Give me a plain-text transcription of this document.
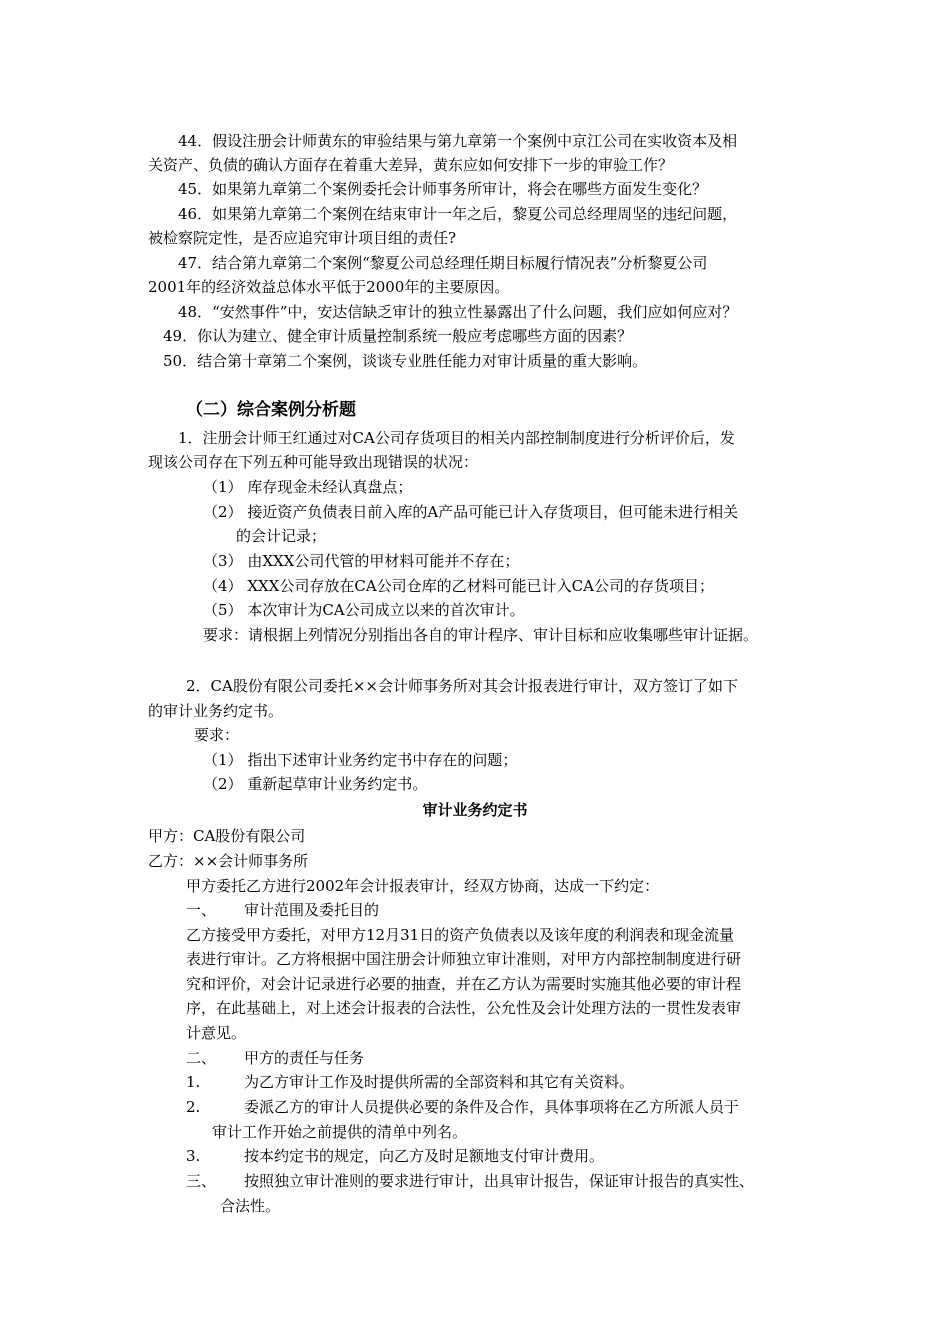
44．假设注册会计师黄东的审验结果与第九章第一个案例中京江公司在实收资本及相
关资产、负债的确认方面存在着重大差异，黄东应如何安排下一步的审验工作？
45．如果第九章第二个案例委托会计师事务所审计，将会在哪些方面发生变化？
46．如果第九章第二个案例在结束审计一年之后，黎夏公司总经理周坚的违纪问题，
被检察院定性，是否应追究审计项目组的责任?
47．结合第九章第二个案例“黎夏公司总经理任期目标履行情况表”分析黎夏公司
2001年的经济效益总体水平低于2000年的主要原因。
48．“安然事件”中，安达信缺乏审计的独立性暴露出了什么问题，我们应如何应对？
49．你认为建立、健全审计质量控制系统一般应考虑哪些方面的因素？
50．结合第十章第二个案例，谈谈专业胜任能力对审计质量的重大影响。
（二）综合案例分析题
1．注册会计师王红通过对CA公司存货项目的相关内部控制制度进行分析评价后，发
现该公司存在下列五种可能导致出现错误的状况：
（1） 库存现金未经认真盘点；
（2） 接近资产负债表日前入库的A产品可能已计入存货项目，但可能未进行相关
的会计记录；
（3） 由XXX公司代管的甲材料可能并不存在；
（4） XXX公司存放在CA公司仓库的乙材料可能已计入CA公司的存货项目；
（5） 本次审计为CA公司成立以来的首次审计。
要求：请根据上列情况分别指出各自的审计程序、审计目标和应收集哪些审计证据。
2．CA股份有限公司委托××会计师事务所对其会计报表进行审计，双方签订了如下
的审计业务约定书。
要求：
（1） 指出下述审计业务约定书中存在的问题；
（2） 重新起草审计业务约定书。
审计业务约定书
甲方：CA股份有限公司
乙方：××会计师事务所
甲方委托乙方进行2002年会计报表审计，经双方协商，达成一下约定：
一、 审计范围及委托目的
乙方接受甲方委托，对甲方12月31日的资产负债表以及该年度的利润表和现金流量
表进行审计。乙方将根据中国注册会计师独立审计准则，对甲方内部控制制度进行研
究和评价，对会计记录进行必要的抽查，并在乙方认为需要时实施其他必要的审计程
序，在此基础上，对上述会计报表的合法性，公允性及会计处理方法的一贯性发表审
计意见。
二、 甲方的责任与任务
1.	为乙方审计工作及时提供所需的全部资料和其它有关资料。
2.	委派乙方的审计人员提供必要的条件及合作，具体事项将在乙方所派人员于
审计工作开始之前提供的清单中列名。
3.	按本约定书的规定，向乙方及时足额地支付审计费用。
三、 按照独立审计准则的要求进行审计，出具审计报告，保证审计报告的真实性、
合法性。
